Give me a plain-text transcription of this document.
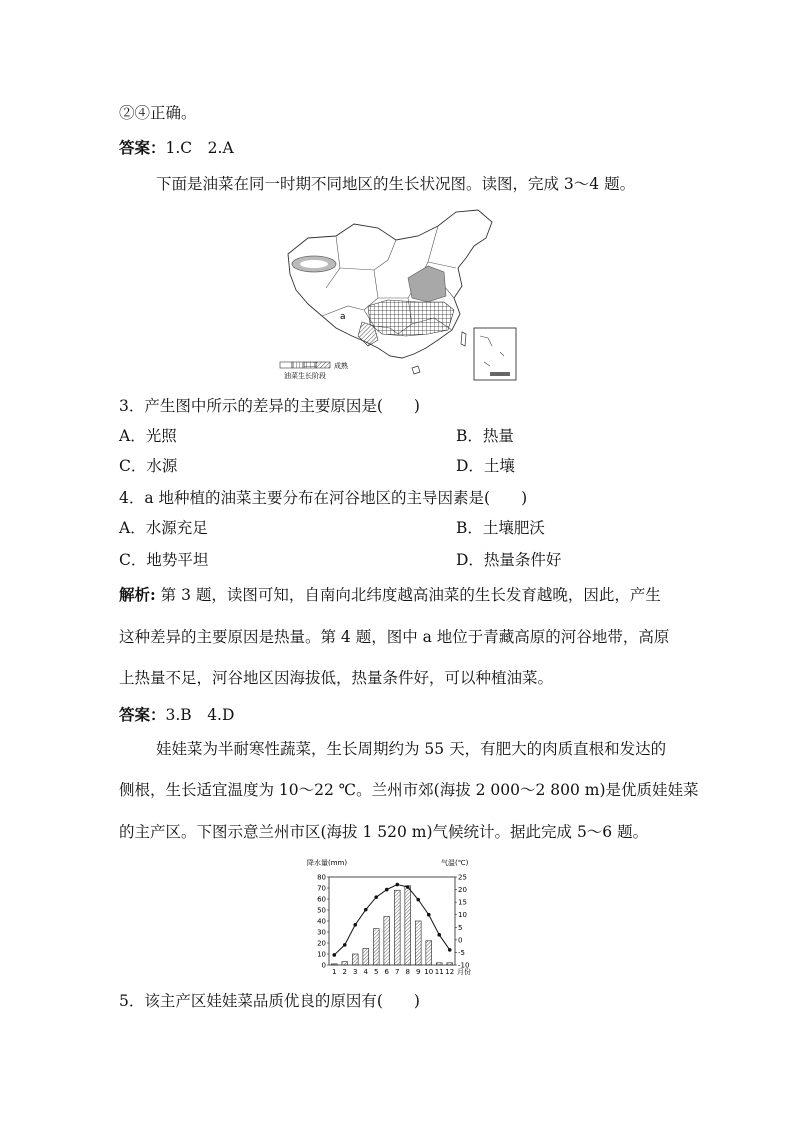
②④正确。
答案：1.C　2.A
下面是油菜在同一时期不同地区的生长状况图。读图，完成 3～4 题。
a
成熟
油菜生长阶段
3．产生图中所示的差异的主要原因是(　　)
A．光照	B．热量
C．水源	D．土壤
4．a 地种植的油菜主要分布在河谷地区的主导因素是(　　)
A．水源充足	B．土壤肥沃
C．地势平坦	D．热量条件好
解析: 第 3 题，读图可知，自南向北纬度越高油菜的生长发育越晚，因此，产生
这种差异的主要原因是热量。第 4 题，图中 a 地位于青藏高原的河谷地带，高原
上热量不足，河谷地区因海拔低，热量条件好，可以种植油菜。
答案：3.B　4.D
娃娃菜为半耐寒性蔬菜，生长周期约为 55 天，有肥大的肉质直根和发达的
侧根，生长适宜温度为 10～22 ℃。兰州市郊(海拔 2 000～2 800 m)是优质娃娃菜
的主产区。下图示意兰州市区(海拔 1 520 m)气候统计。据此完成 5～6 题。
降水量(mm)	气温(℃)
80
70
60
50
40
30
20
10
0
25
20
15
10
5
0
-5
-10
1 2 3 4 5 6 7 8 9 10 11 12 月份
5．该主产区娃娃菜品质优良的原因有(　　)
